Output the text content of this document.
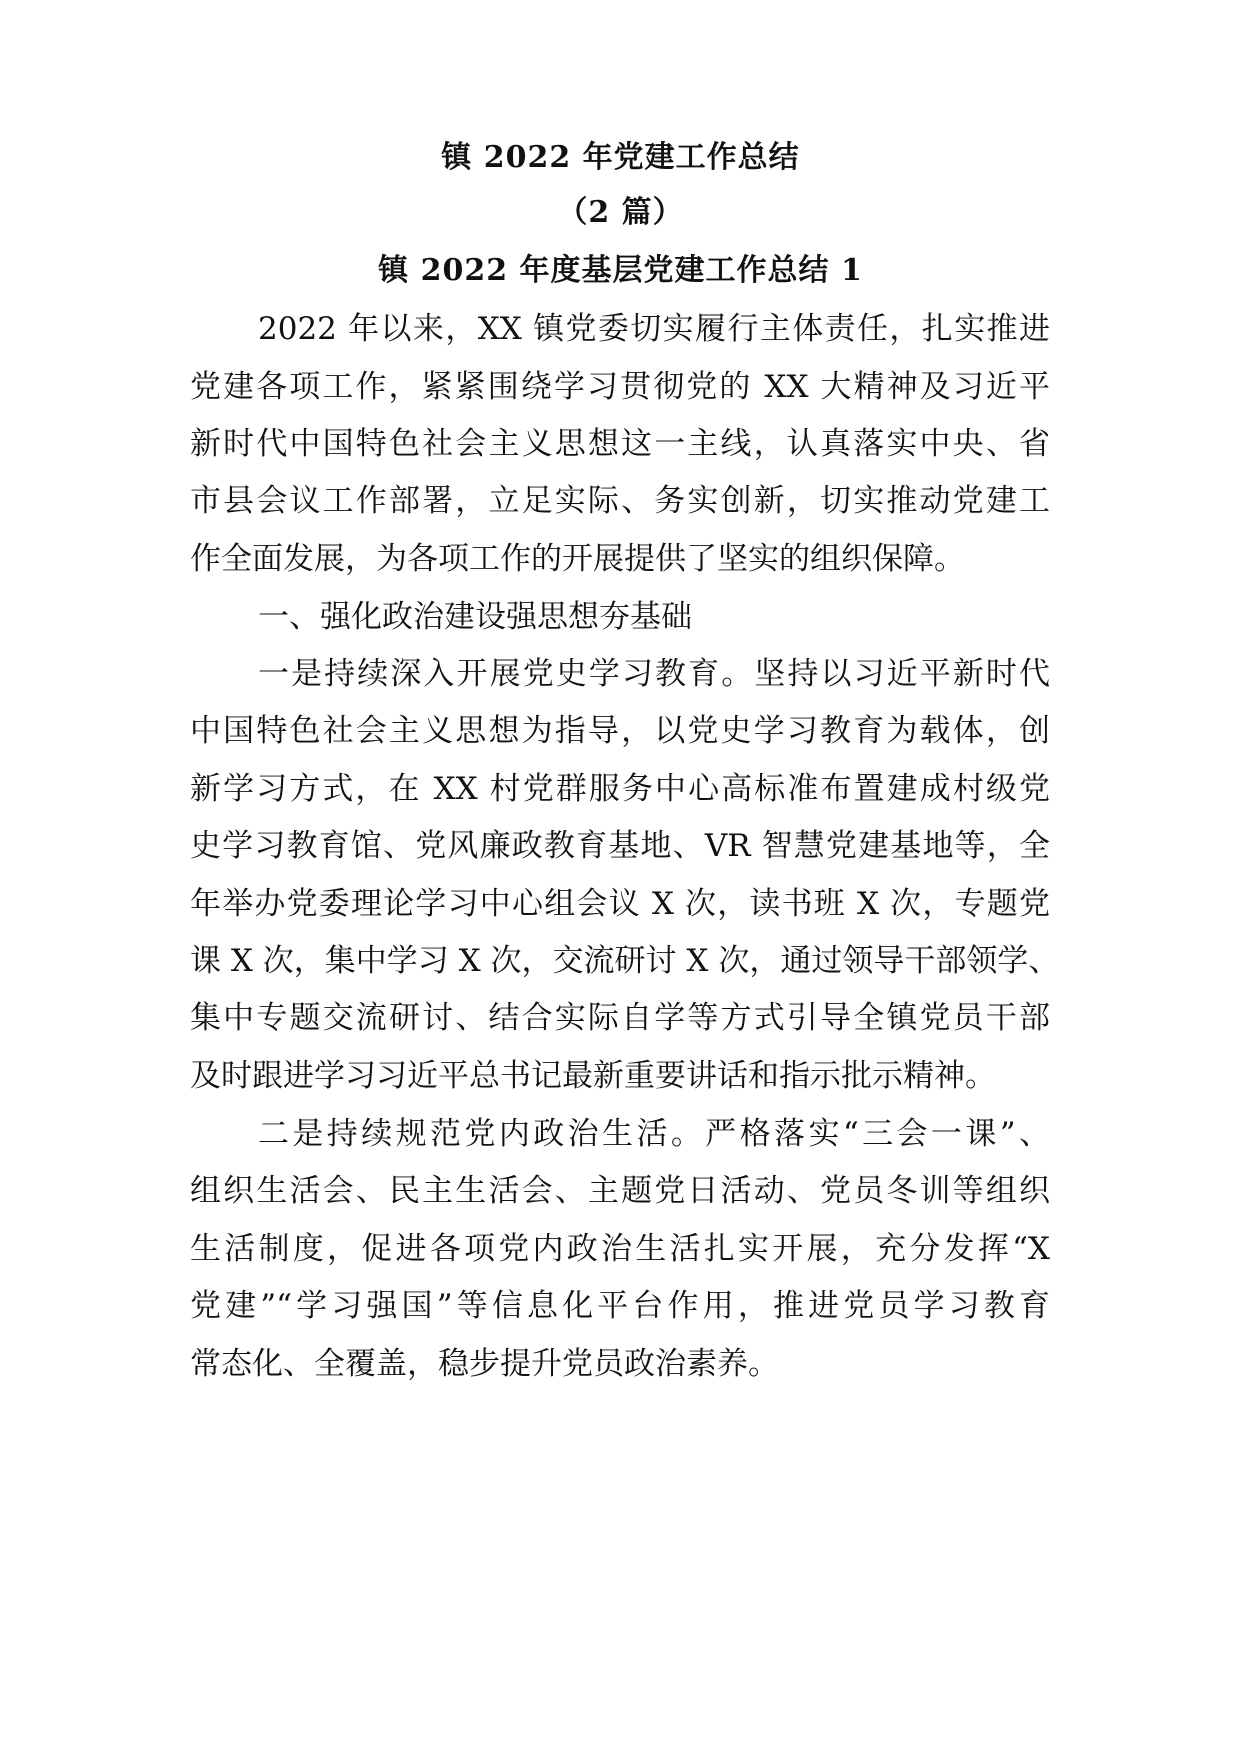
镇 2022 年党建工作总结
（2 篇）
镇 2022 年度基层党建工作总结 1
2022 年以来，XX 镇党委切实履行主体责任，扎实推进
党建各项工作，紧紧围绕学习贯彻党的 XX 大精神及习近平
新时代中国特色社会主义思想这一主线，认真落实中央、省
市县会议工作部署，立足实际、务实创新，切实推动党建工
作全面发展，为各项工作的开展提供了坚实的组织保障。
一、强化政治建设强思想夯基础
一是持续深入开展党史学习教育。坚持以习近平新时代
中国特色社会主义思想为指导，以党史学习教育为载体，创
新学习方式，在 XX 村党群服务中心高标准布置建成村级党
史学习教育馆、党风廉政教育基地、VR 智慧党建基地等，全
年举办党委理论学习中心组会议 X 次，读书班 X 次，专题党
课 X 次，集中学习 X 次，交流研讨 X 次，通过领导干部领学、
集中专题交流研讨、结合实际自学等方式引导全镇党员干部
及时跟进学习习近平总书记最新重要讲话和指示批示精神。
二是持续规范党内政治生活。严格落实“三会一课”、
组织生活会、民主生活会、主题党日活动、党员冬训等组织
生活制度，促进各项党内政治生活扎实开展，充分发挥“X
党建”“学习强国”等信息化平台作用，推进党员学习教育
常态化、全覆盖，稳步提升党员政治素养。
